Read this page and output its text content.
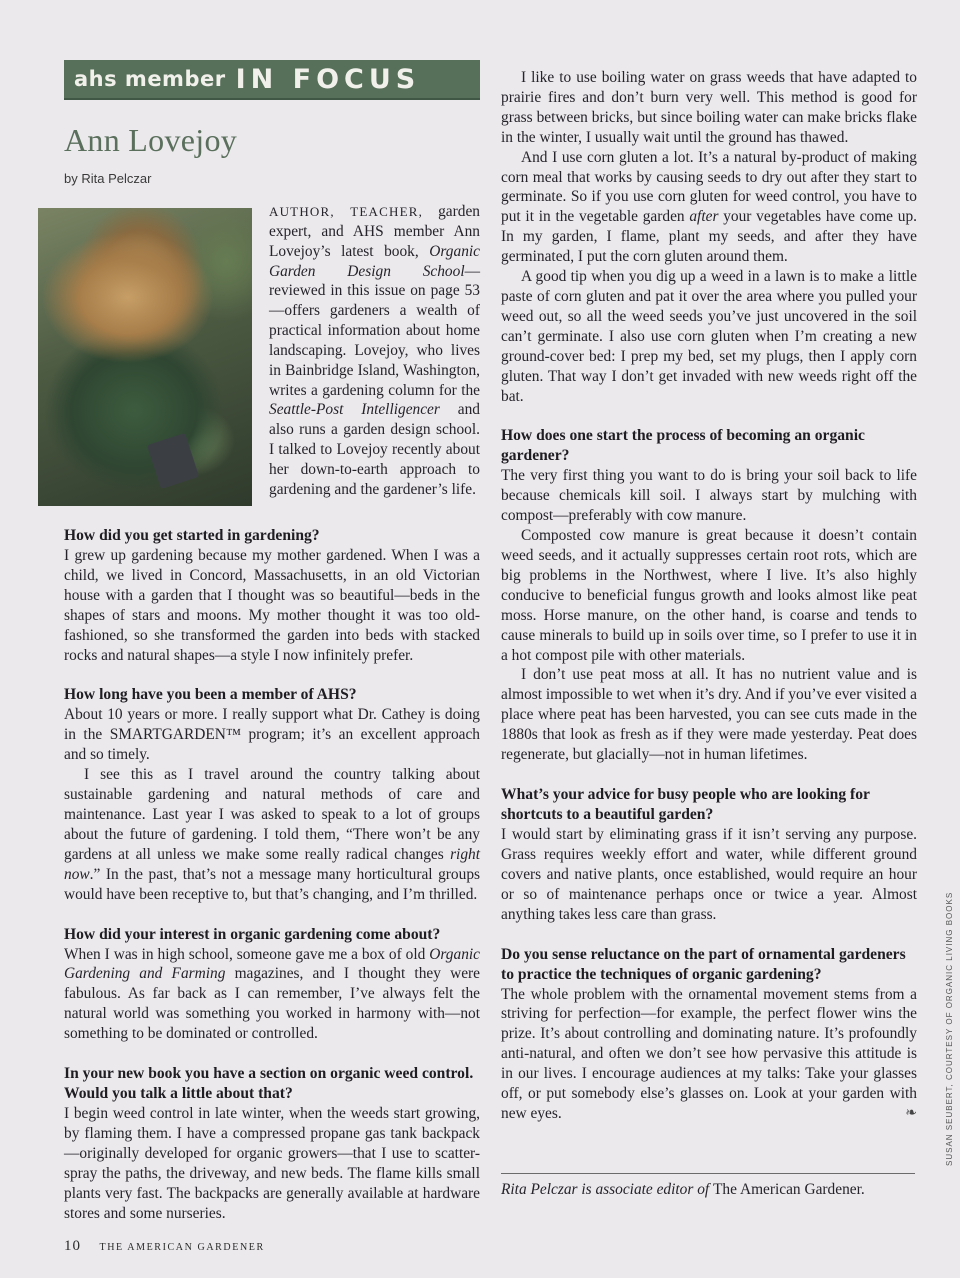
ahs member IN FOCUS
Ann Lovejoy
by Rita Pelczar

AUTHOR, TEACHER, garden expert, and AHS member Ann Lovejoy’s latest book, Organic Garden Design School—reviewed in this issue on page 53—offers gardeners a wealth of practical information about home landscaping. Lovejoy, who lives in Bainbridge Island, Washington, writes a gardening column for the Seattle-Post Intelligencer and also runs a garden design school. I talked to Lovejoy recently about her down-to-earth approach to gardening and the gardener’s life.

How did you get started in gardening?

I grew up gardening because my mother gardened. When I was a child, we lived in Concord, Massachusetts, in an old Victorian house with a garden that I thought was so beautiful—beds in the shapes of stars and moons. My mother thought it was too old-fashioned, so she transformed the garden into beds with stacked rocks and natural shapes—a style I now infinitely prefer.

How long have you been a member of AHS?

About 10 years or more. I really support what Dr. Cathey is doing in the SMARTGARDEN™ program; it’s an excellent approach and so timely.

I see this as I travel around the country talking about sustainable gardening and natural methods of care and maintenance. Last year I was asked to speak to a lot of groups about the future of gardening. I told them, “There won’t be any gardens at all unless we make some really radical changes right now.” In the past, that’s not a message many horticultural groups would have been receptive to, but that’s changing, and I’m thrilled.

How did your interest in organic gardening come about?

When I was in high school, someone gave me a box of old Organic Gardening and Farming magazines, and I thought they were fabulous. As far back as I can remember, I’ve always felt the natural world was something you worked in harmony with—not something to be dominated or controlled.

In your new book you have a section on organic weed control. Would you talk a little about that?

I begin weed control in late winter, when the weeds start growing, by flaming them. I have a compressed propane gas tank backpack—originally developed for organic growers—that I use to scatter-spray the paths, the driveway, and new beds. The flame kills small plants very fast. The backpacks are generally available at hardware stores and some nurseries.

I like to use boiling water on grass weeds that have adapted to prairie fires and don’t burn very well. This method is good for grass between bricks, but since boiling water can make bricks flake in the winter, I usually wait until the ground has thawed.

And I use corn gluten a lot. It’s a natural by-product of making corn meal that works by causing seeds to dry out after they start to germinate. So if you use corn gluten for weed control, you have to put it in the vegetable garden after your vegetables have come up. In my garden, I flame, plant my seeds, and after they have germinated, I put the corn gluten around them.

A good tip when you dig up a weed in a lawn is to make a little paste of corn gluten and pat it over the area where you pulled your weed out, so all the weed seeds you’ve just uncovered in the soil can’t germinate. I also use corn gluten when I’m creating a new ground-cover bed: I prep my bed, set my plugs, then I apply corn gluten. That way I don’t get invaded with new weeds right off the bat.

How does one start the process of becoming an organic gardener?

The very first thing you want to do is bring your soil back to life because chemicals kill soil. I always start by mulching with compost—preferably with cow manure.

Composted cow manure is great because it doesn’t contain weed seeds, and it actually suppresses certain root rots, which are big problems in the Northwest, where I live. It’s also highly conducive to beneficial fungus growth and looks almost like peat moss. Horse manure, on the other hand, is coarse and tends to cause minerals to build up in soils over time, so I prefer to use it in a hot compost pile with other materials.

I don’t use peat moss at all. It has no nutrient value and is almost impossible to wet when it’s dry. And if you’ve ever visited a place where peat has been harvested, you can see cuts made in the 1880s that look as fresh as if they were made yesterday. Peat does regenerate, but glacially—not in human lifetimes.

What’s your advice for busy people who are looking for shortcuts to a beautiful garden?

I would start by eliminating grass if it isn’t serving any purpose. Grass requires weekly effort and water, while different ground covers and native plants, once established, would require an hour or so of maintenance perhaps once or twice a year. Almost anything takes less care than grass.

Do you sense reluctance on the part of ornamental gardeners to practice the techniques of organic gardening?

The whole problem with the ornamental movement stems from a striving for perfection—for example, the perfect flower wins the prize. It’s about controlling and dominating nature. It’s profoundly anti-natural, and often we don’t see how pervasive this attitude is in our lives. I encourage audiences at my talks: Take your glasses off, or put somebody else’s glasses on. Look at your garden with new eyes.	❧

Rita Pelczar is associate editor of The American Gardener.
10 THE AMERICAN GARDENER
SUSAN SEUBERT, COURTESY OF ORGANIC LIVING BOOKS
